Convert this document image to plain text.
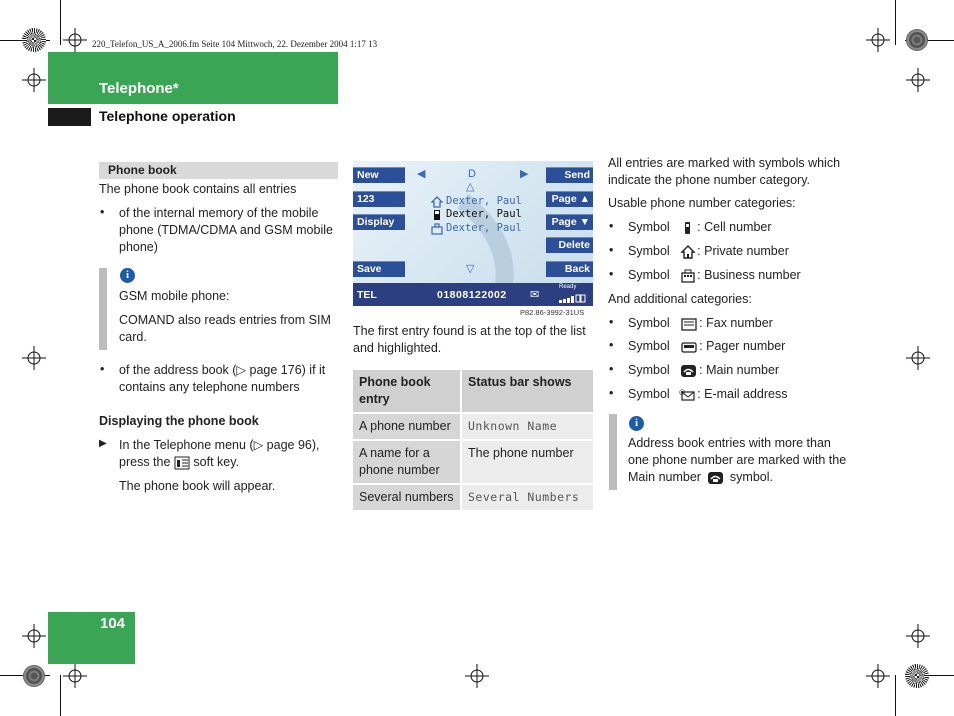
220_Telefon_US_A_2006.fm Seite 104 Mittwoch, 22. Dezember 2004 1:17 13
Telephone*
Telephone operation
104
Phone book
The phone book contains all entries
• of the internal memory of the mobile phone (TDMA/CDMA and GSM mobile phone)
i
GSM mobile phone:
COMAND also reads entries from SIM card.
• of the address book (▷ page 176) if it contains any telephone numbers
Displaying the phone book
▶ In the Telephone menu (▷ page 96), press the soft key.
The phone book will appear.
New
123
Display
Save
Send
Page ▲
Page ▼
Delete
Back
◀	D	▶
△
Dexter, Paul
Dexter, Paul
Dexter, Paul
▽
TEL	01808122002 ✉
Ready
P82.86-3992-31US
The first entry found is at the top of the list and highlighted.
Phone book entry	Status bar shows
A phone number	Unknown Name
A name for a phone number	The phone number
Several numbers	Several Numbers
All entries are marked with symbols which indicate the phone number category.
Usable phone number categories:
• Symbol : Cell number
• Symbol : Private number
• Symbol : Business number
And additional categories:
• Symbol : Fax number
• Symbol : Pager number
• Symbol : Main number
• Symbol @ : E-mail address
i
Address book entries with more than one phone number are marked with the Main number symbol.
